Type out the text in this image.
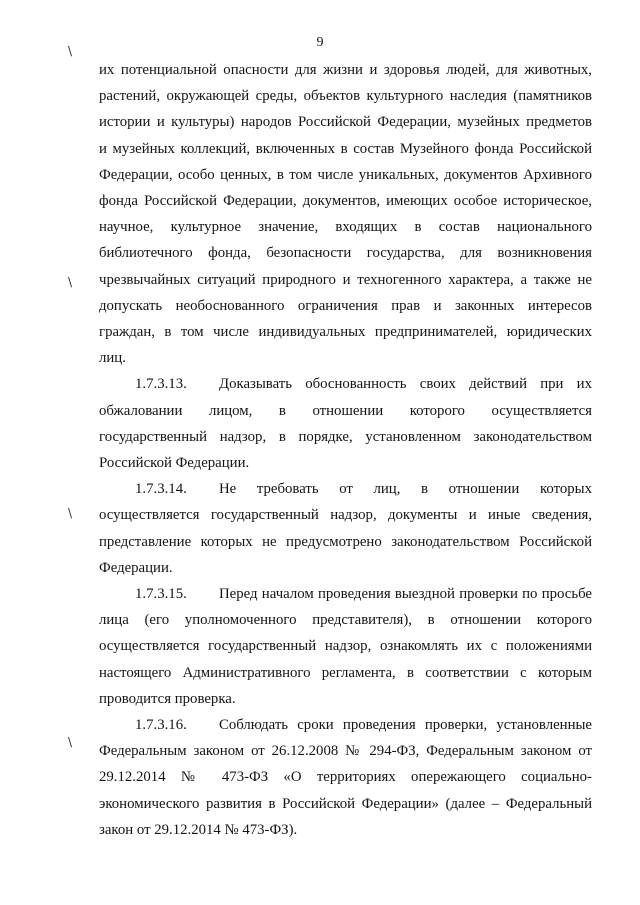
9
\
\
\
\
их потенциальной опасности для жизни и здоровья людей, для животных,
растений, окружающей среды, объектов культурного наследия (памятников
истории и культуры) народов Российской Федерации, музейных предметов
и музейных коллекций, включенных в состав Музейного фонда Российской
Федерации, особо ценных, в том числе уникальных, документов Архивного
фонда Российской Федерации, документов, имеющих особое историческое,
научное, культурное значение, входящих в состав национального
библиотечного фонда, безопасности государства, для возникновения
чрезвычайных ситуаций природного и техногенного характера, а также не
допускать необоснованного ограничения прав и законных интересов
граждан, в том числе индивидуальных предпринимателей, юридических
лиц.
1.7.3.13. Доказывать обоснованность своих действий при их
обжаловании лицом, в отношении которого осуществляется
государственный надзор, в порядке, установленном законодательством
Российской Федерации.
1.7.3.14. Не требовать от лиц, в отношении которых
осуществляется государственный надзор, документы и иные сведения,
представление которых не предусмотрено законодательством Российской
Федерации.
1.7.3.15. Перед началом проведения выездной проверки по просьбе
лица (его уполномоченного представителя), в отношении которого
осуществляется государственный надзор, ознакомлять их с положениями
настоящего Административного регламента, в соответствии с которым
проводится проверка.
1.7.3.16. Соблюдать сроки проведения проверки, установленные
Федеральным законом от 26.12.2008 № 294-ФЗ, Федеральным законом от
29.12.2014 № 473-ФЗ «О территориях опережающего социально-
экономического развития в Российской Федерации» (далее – Федеральный
закон от 29.12.2014 № 473-ФЗ).
